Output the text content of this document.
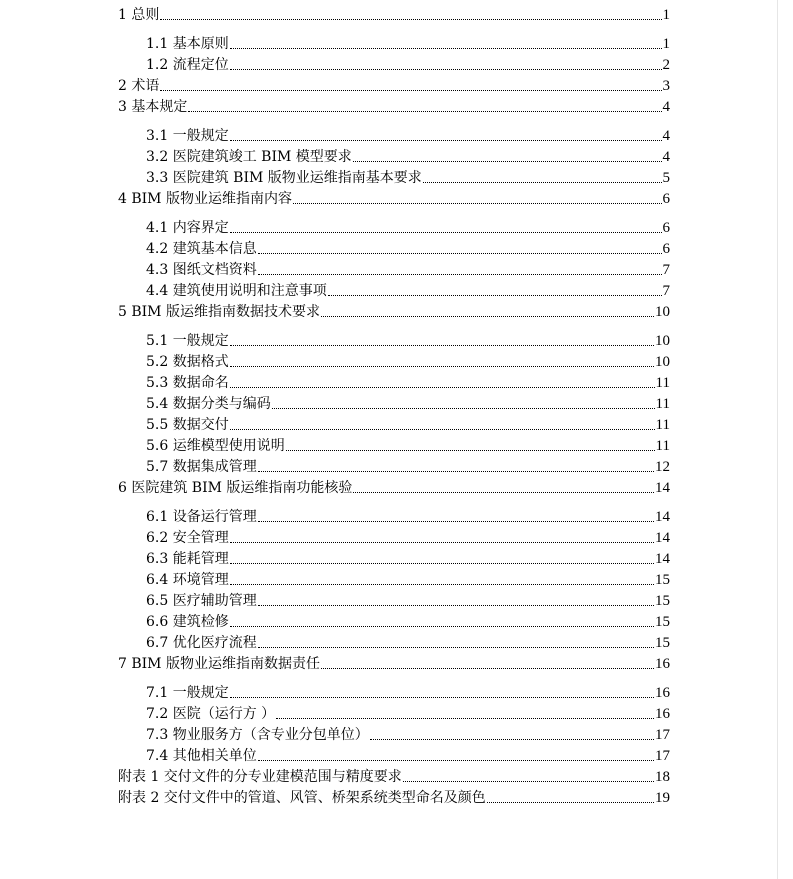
1 总则	1
1.1 基本原则	1
1.2 流程定位	2
2 术语	3
3 基本规定	4
3.1 一般规定	4
3.2 医院建筑竣工 BIM 模型要求	4
3.3 医院建筑 BIM 版物业运维指南基本要求	5
4 BIM 版物业运维指南内容	6
4.1 内容界定	6
4.2 建筑基本信息	6
4.3 图纸文档资料	7
4.4 建筑使用说明和注意事项	7
5 BIM 版运维指南数据技术要求	10
5.1 一般规定	10
5.2 数据格式	10
5.3 数据命名	11
5.4 数据分类与编码	11
5.5 数据交付	11
5.6 运维模型使用说明	11
5.7 数据集成管理	12
6 医院建筑 BIM 版运维指南功能核验	14
6.1 设备运行管理	14
6.2 安全管理	14
6.3 能耗管理	14
6.4 环境管理	15
6.5 医疗辅助管理	15
6.6 建筑检修	15
6.7 优化医疗流程	15
7 BIM 版物业运维指南数据责任	16
7.1 一般规定	16
7.2 医院（运行方 ）	16
7.3 物业服务方（含专业分包单位）	17
7.4 其他相关单位	17
附表 1 交付文件的分专业建模范围与精度要求	18
附表 2 交付文件中的管道、风管、桥架系统类型命名及颜色	19
